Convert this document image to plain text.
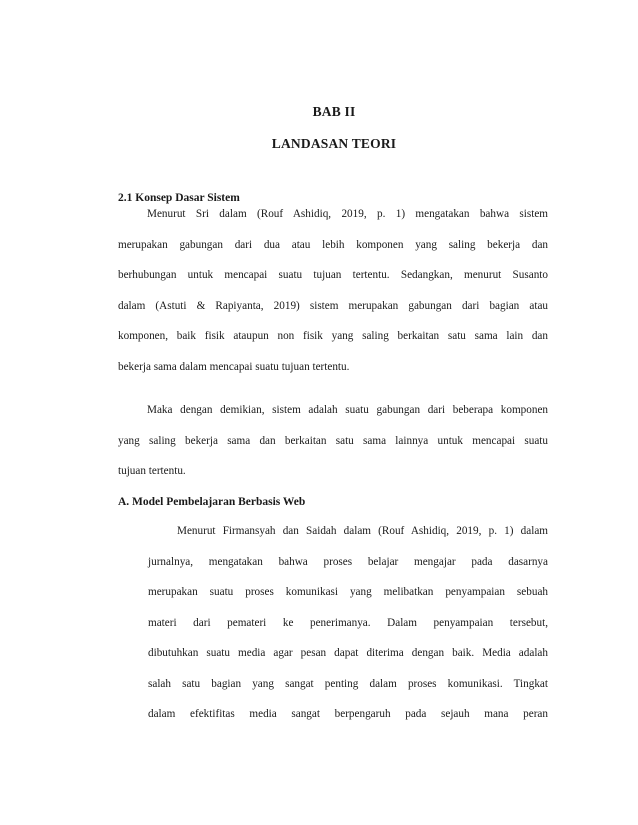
BAB II
LANDASAN TEORI
2.1 Konsep Dasar Sistem
Menurut Sri dalam (Rouf Ashidiq, 2019, p. 1) mengatakan bahwa sistem
merupakan gabungan dari dua atau lebih komponen yang saling bekerja dan
berhubungan untuk mencapai suatu tujuan tertentu. Sedangkan, menurut Susanto
dalam (Astuti & Rapiyanta, 2019) sistem merupakan gabungan dari bagian atau
komponen, baik fisik ataupun non fisik yang saling berkaitan satu sama lain dan
bekerja sama dalam mencapai suatu tujuan tertentu.
Maka dengan demikian, sistem adalah suatu gabungan dari beberapa komponen
yang saling bekerja sama dan berkaitan satu sama lainnya untuk mencapai suatu
tujuan tertentu.
A. Model Pembelajaran Berbasis Web
Menurut Firmansyah dan Saidah dalam (Rouf Ashidiq, 2019, p. 1) dalam
jurnalnya, mengatakan bahwa proses belajar mengajar pada dasarnya
merupakan suatu proses komunikasi yang melibatkan penyampaian sebuah
materi dari pemateri ke penerimanya. Dalam penyampaian tersebut,
dibutuhkan suatu media agar pesan dapat diterima dengan baik. Media adalah
salah satu bagian yang sangat penting dalam proses komunikasi. Tingkat
dalam efektifitas media sangat berpengaruh pada sejauh mana peran
